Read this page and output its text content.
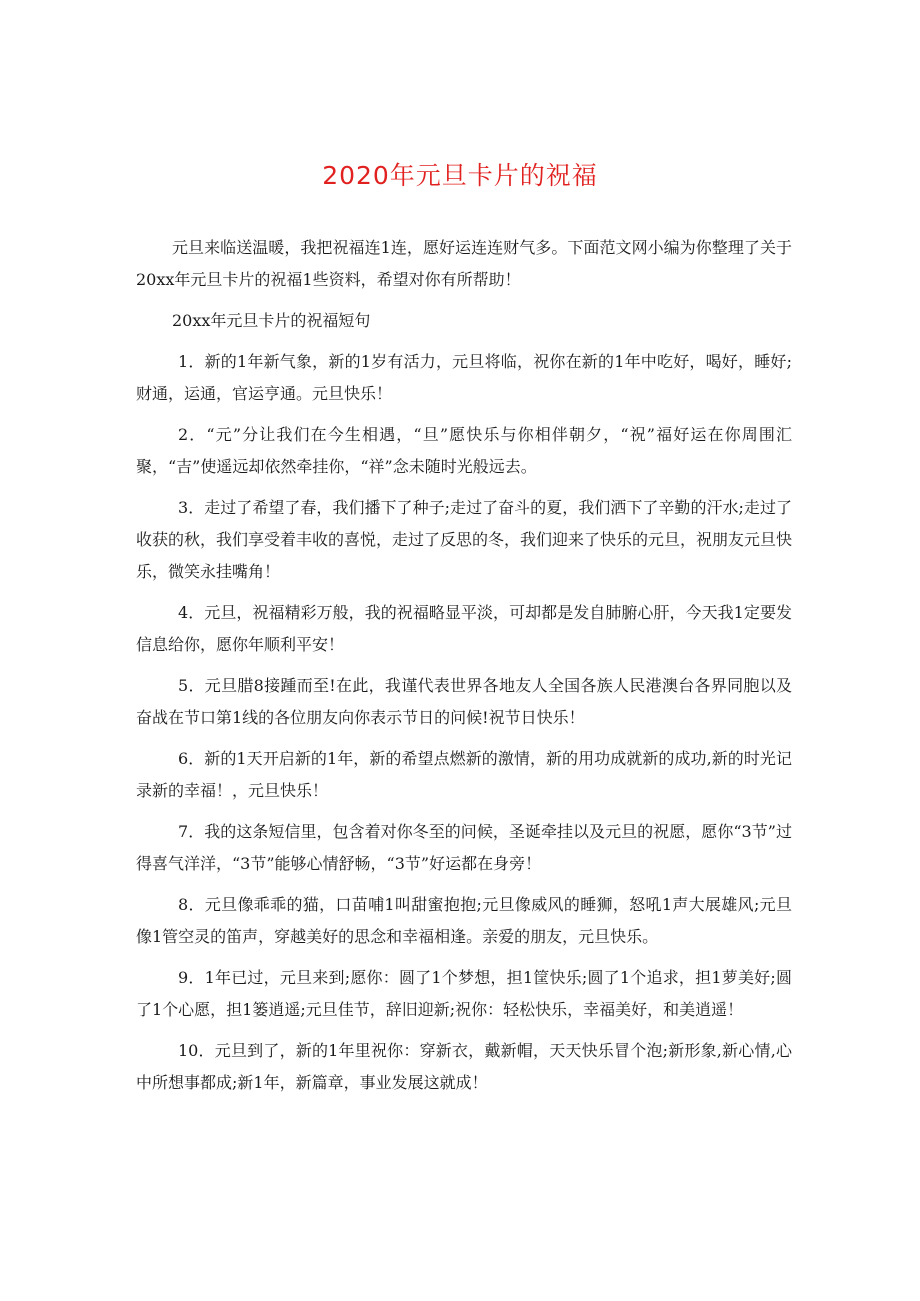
2020年元旦卡片的祝福

元旦来临送温暖，我把祝福连1连，愿好运连连财气多。下面范文网小编为你整理了关于20xx年元旦卡片的祝福1些资料，希望对你有所帮助！

20xx年元旦卡片的祝福短句

1．新的1年新气象，新的1岁有活力，元旦将临，祝你在新的1年中吃好，喝好，睡好;财通，运通，官运亨通。元旦快乐！

2．“元”分让我们在今生相遇，“旦”愿快乐与你相伴朝夕，“祝”福好运在你周围汇聚，“吉”使遥远却依然牵挂你，“祥”念未随时光般远去。

3．走过了希望了春，我们播下了种子;走过了奋斗的夏，我们洒下了辛勤的汗水;走过了收获的秋，我们享受着丰收的喜悦，走过了反思的冬，我们迎来了快乐的元旦，祝朋友元旦快乐，微笑永挂嘴角！

4．元旦，祝福精彩万般，我的祝福略显平淡，可却都是发自肺腑心肝，今天我1定要发信息给你，愿你年顺利平安！

5．元旦腊8接踵而至!在此，我谨代表世界各地友人全国各族人民港澳台各界同胞以及奋战在节口第1线的各位朋友向你表示节日的问候!祝节日快乐！

6．新的1天开启新的1年，新的希望点燃新的激情，新的用功成就新的成功,新的时光记录新的幸福！，元旦快乐！

7．我的这条短信里，包含着对你冬至的问候，圣诞牵挂以及元旦的祝愿，愿你“3节”过得喜气洋洋，“3节”能够心情舒畅，“3节”好运都在身旁！

8．元旦像乖乖的猫，口苗哺1叫甜蜜抱抱;元旦像威风的睡狮，怒吼1声大展雄风;元旦像1管空灵的笛声，穿越美好的思念和幸福相逢。亲爱的朋友，元旦快乐。

9．1年已过，元旦来到;愿你：圆了1个梦想，担1筐快乐;圆了1个追求，担1萝美好;圆了1个心愿，担1篓逍遥;元旦佳节，辞旧迎新;祝你：轻松快乐，幸福美好，和美逍遥！

10．元旦到了，新的1年里祝你：穿新衣，戴新帽，天天快乐冒个泡;新形象,新心情,心中所想事都成;新1年，新篇章，事业发展这就成！
